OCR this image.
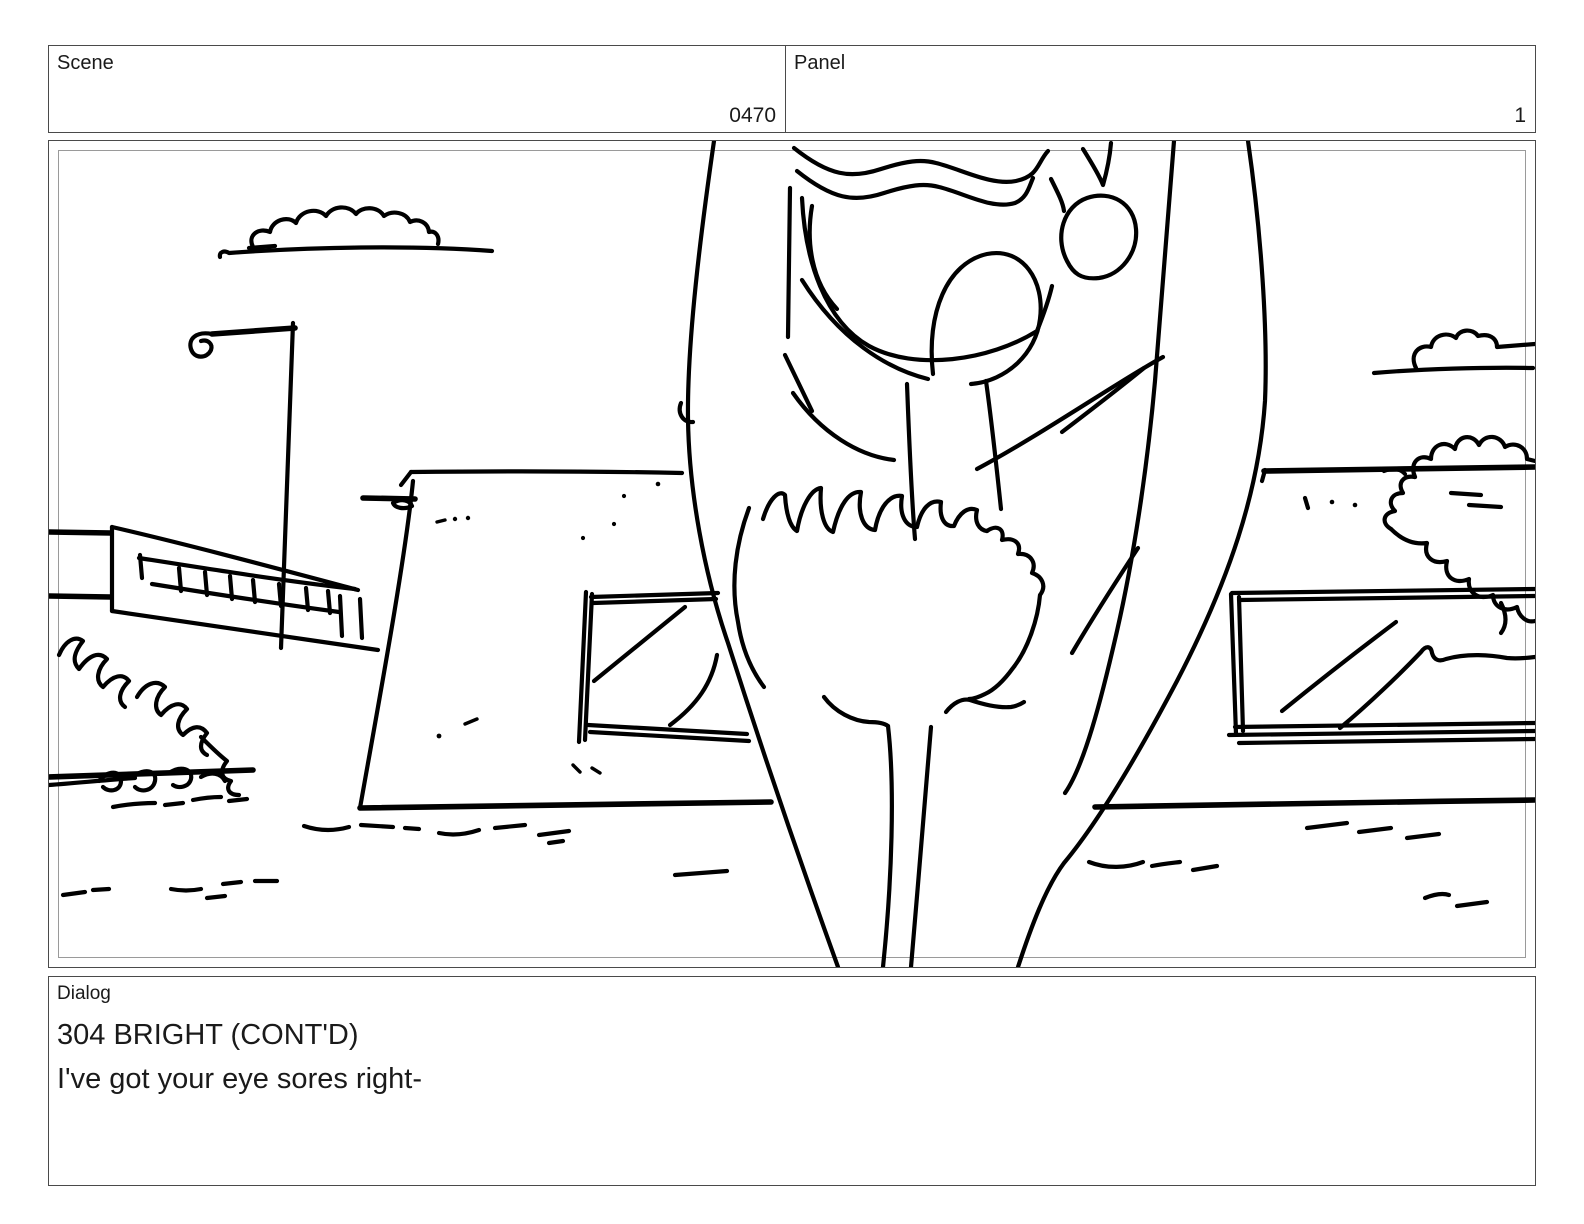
Scene
0470
Panel
1
Dialog
304 BRIGHT (CONT'D)
I've got your eye sores right-
